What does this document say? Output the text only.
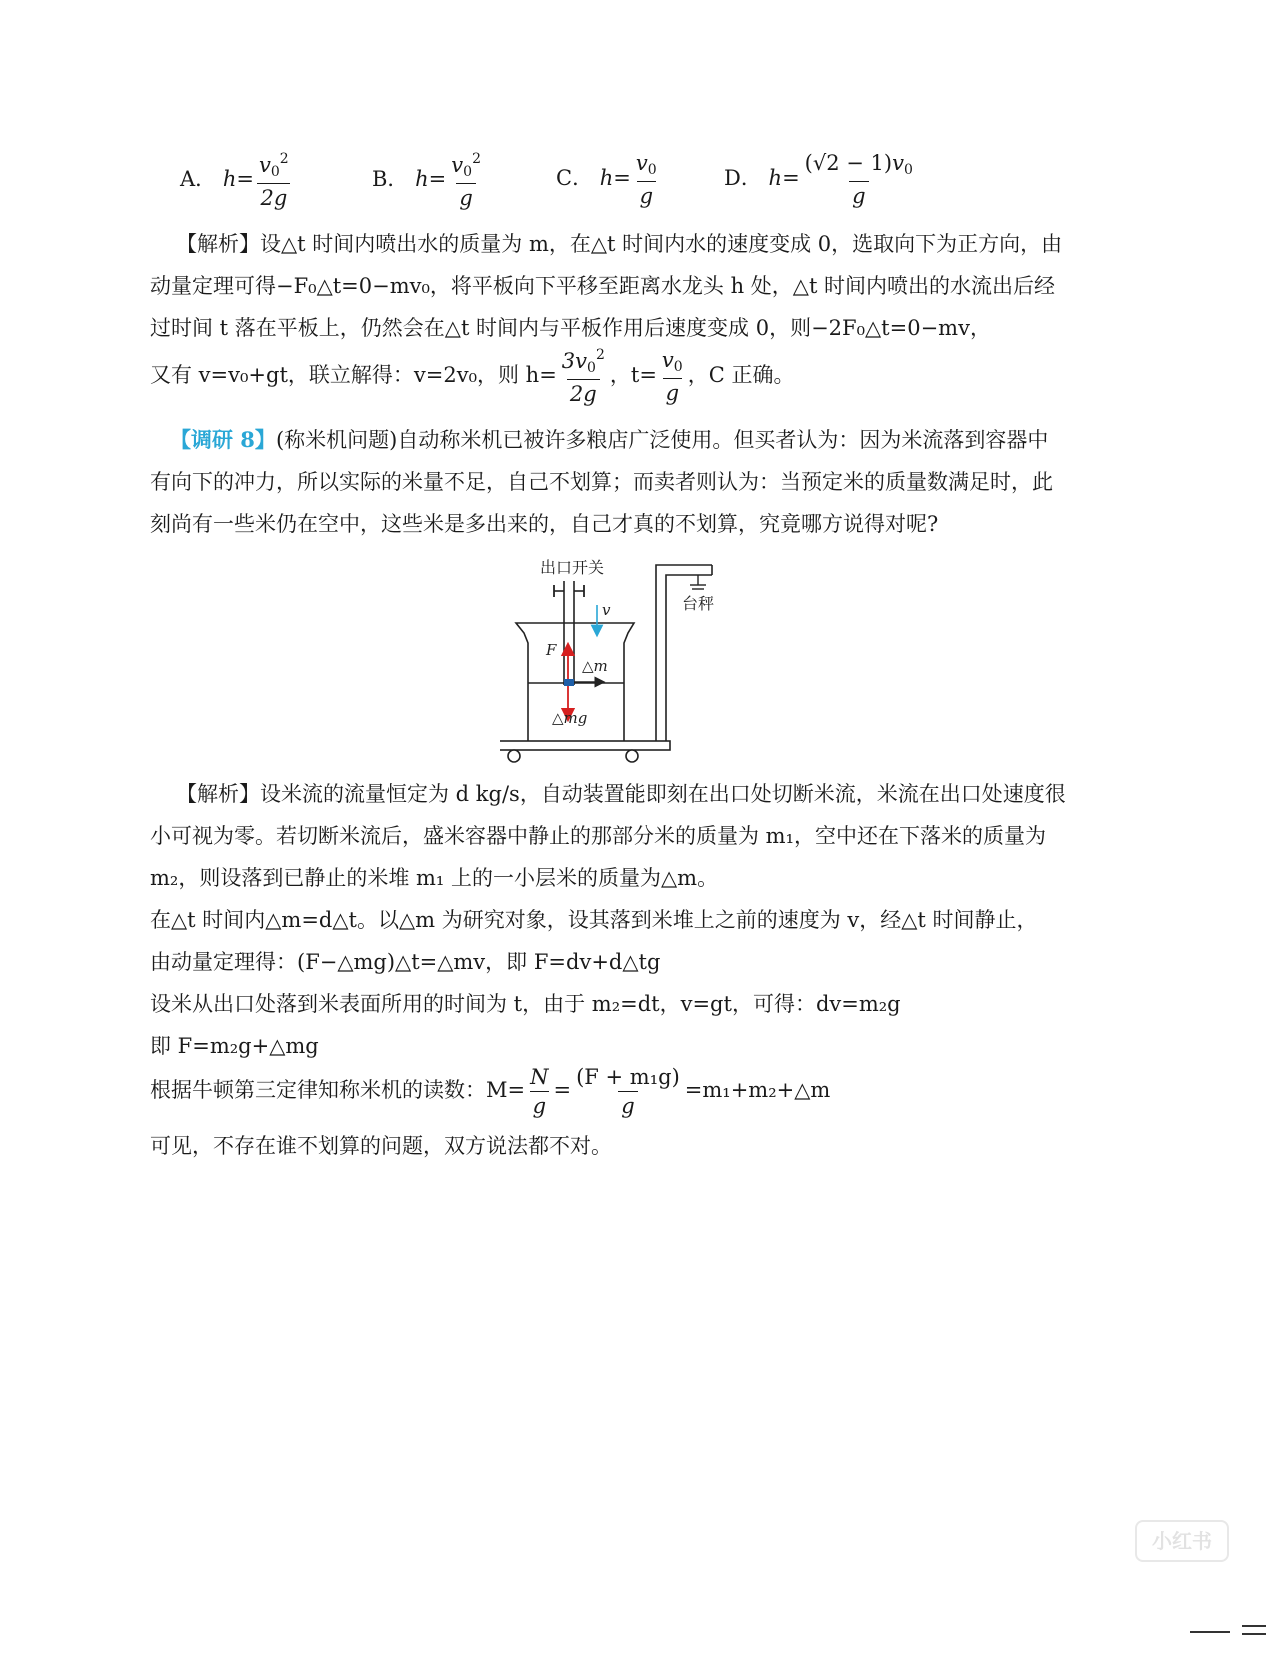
A． $h= \frac{v_0^2}{2g}$	B． $h= \frac{v_0^2}{g}$	C． $h= \frac{v_0}{g}$	D． $h= \frac{(√2 - 1)v_0}{g}$
【解析】设△t 时间内喷出水的质量为 m，在△t 时间内水的速度变成 0，选取向下为正方向，由
动量定理可得−F₀△t=0−mv₀，将平板向下平移至距离水龙头 h 处，△t 时间内喷出的水流出后经
过时间 t 落在平板上，仍然会在△t 时间内与平板作用后速度变成 0，则−2F₀△t=0−mv，
又有 v=v₀+gt，联立解得：v=2v₀，则 $h= \frac{3v_0^2}{2g}$ ，$t= \frac{v_0}{g}$ ，C 正确。
【调研 8】(称米机问题)自动称米机已被许多粮店广泛使用。但买者认为：因为米流落到容器中
有向下的冲力，所以实际的米量不足，自己不划算；而卖者则认为：当预定米的质量数满足时，此
刻尚有一些米仍在空中，这些米是多出来的，自己才真的不划算，究竟哪方说得对呢?
出口开关
v
F
△mg
△m
台秤
【解析】设米流的流量恒定为 d kg/s，自动装置能即刻在出口处切断米流，米流在出口处速度很
小可视为零。若切断米流后，盛米容器中静止的那部分米的质量为 m₁，空中还在下落米的质量为
m₂，则设落到已静止的米堆 m₁ 上的一小层米的质量为△m。
在△t 时间内△m=d△t。以△m 为研究对象，设其落到米堆上之前的速度为 v，经△t 时间静止，
由动量定理得：(F−△mg)△t=△mv，即 F=dv+d△tg
设米从出口处落到米表面所用的时间为 t，由于 m₂=dt，v=gt，可得：dv=m₂g
即 F=m₂g+△mg
根据牛顿第三定律知称米机的读数：$M= \frac{N}{g} = \frac{\text{(F + m₁g)}}{g}$ =m₁+m₂+△m
可见，不存在谁不划算的问题，双方说法都不对。
小红书
